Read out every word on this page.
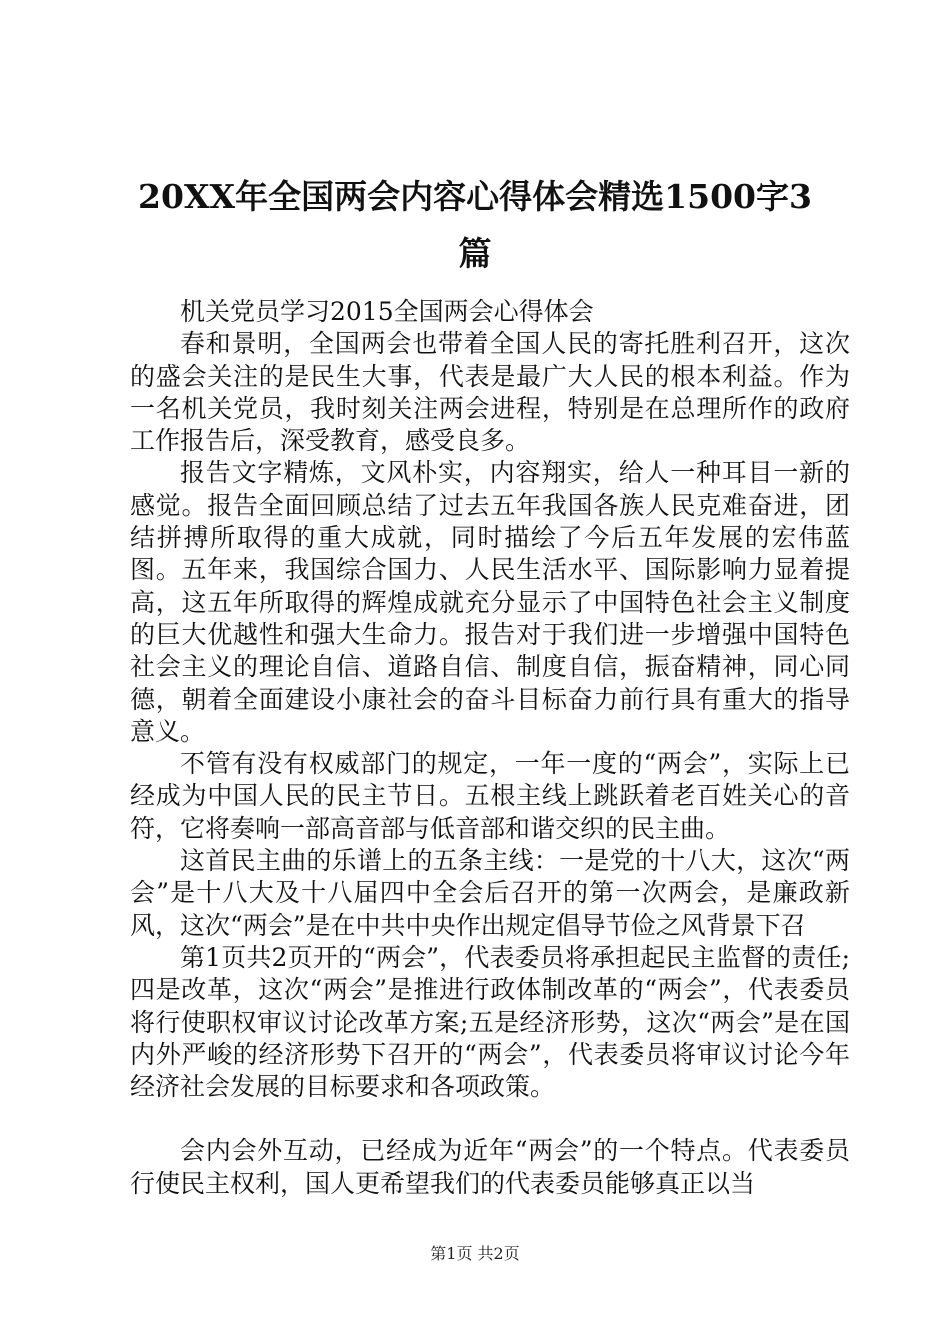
20XX年全国两会内容心得体会精选1500字3
篇

机关党员学习2015全国两会心得体会

春和景明，全国两会也带着全国人民的寄托胜利召开，这次的盛会关注的是民生大事，代表是最广大人民的根本利益。作为一名机关党员，我时刻关注两会进程，特别是在总理所作的政府工作报告后，深受教育，感受良多。

报告文字精炼，文风朴实，内容翔实，给人一种耳目一新的感觉。报告全面回顾总结了过去五年我国各族人民克难奋进，团结拼搏所取得的重大成就，同时描绘了今后五年发展的宏伟蓝图。五年来，我国综合国力、人民生活水平、国际影响力显着提高，这五年所取得的辉煌成就充分显示了中国特色社会主义制度的巨大优越性和强大生命力。报告对于我们进一步增强中国特色社会主义的理论自信、道路自信、制度自信，振奋精神，同心同德，朝着全面建设小康社会的奋斗目标奋力前行具有重大的指导意义。

不管有没有权威部门的规定，一年一度的“两会”，实际上已经成为中国人民的民主节日。五根主线上跳跃着老百姓关心的音符，它将奏响一部高音部与低音部和谐交织的民主曲。

这首民主曲的乐谱上的五条主线：一是党的十八大，这次“两会”是十八大及十八届四中全会后召开的第一次两会，是廉政新风，这次“两会”是在中共中央作出规定倡导节俭之风背景下召

第1页共2页开的“两会”，代表委员将承担起民主监督的责任;四是改革，这次“两会”是推进行政体制改革的“两会”，代表委员将行使职权审议讨论改革方案;五是经济形势，这次“两会”是在国内外严峻的经济形势下召开的“两会”，代表委员将审议讨论今年经济社会发展的目标要求和各项政策。

会内会外互动，已经成为近年“两会”的一个特点。代表委员行使民主权利，国人更希望我们的代表委员能够真正以当

第1页 共2页
